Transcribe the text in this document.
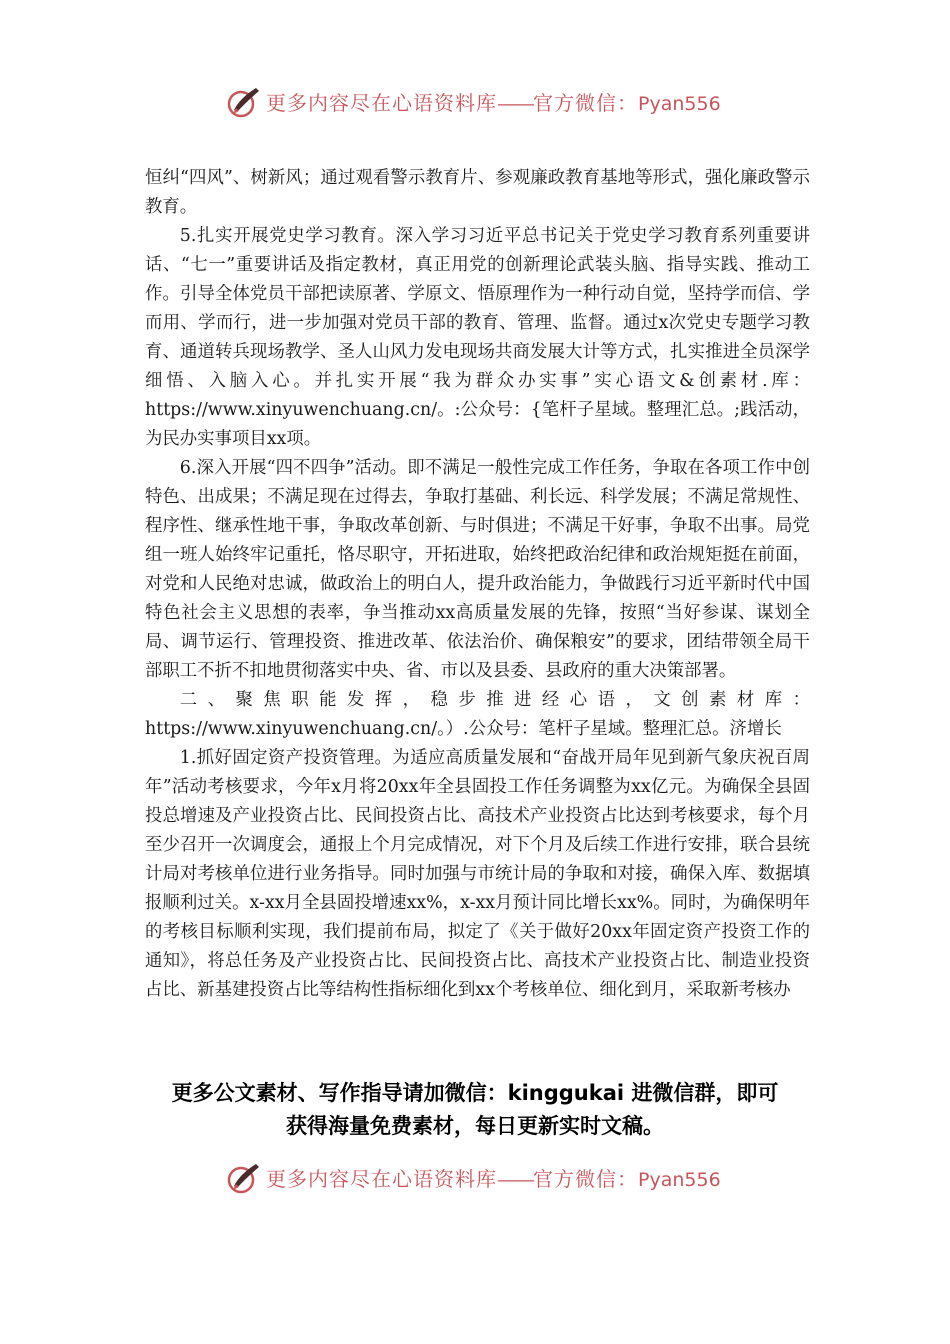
更多内容尽在心语资料库——官方微信：Pyan556

恒纠“四风”、树新风；通过观看警示教育片、参观廉政教育基地等形式，强化廉政警示教育。

5.扎实开展党史学习教育。深入学习习近平总书记关于党史学习教育系列重要讲话、“七一”重要讲话及指定教材，真正用党的创新理论武装头脑、指导实践、推动工作。引导全体党员干部把读原著、学原文、悟原理作为一种行动自觉，坚持学而信、学而用、学而行，进一步加强对党员干部的教育、管理、监督。通过x次党史专题学习教育、通道转兵现场教学、圣人山风力发电现场共商发展大计等方式，扎实推进全员深学细悟、入脑入心。并扎实开展“我为群众办实事”实心语文&创素材.库：https://www.xinyuwenchuang.cn/。:公众号：{笔杆子星域。整理汇总。;践活动，为民办实事项目xx项。

6.深入开展“四不四争”活动。即不满足一般性完成工作任务，争取在各项工作中创特色、出成果；不满足现在过得去，争取打基础、利长远、科学发展；不满足常规性、程序性、继承性地干事，争取改革创新、与时俱进；不满足干好事，争取不出事。局党组一班人始终牢记重托，恪尽职守，开拓进取，始终把政治纪律和政治规矩挺在前面，对党和人民绝对忠诚，做政治上的明白人，提升政治能力，争做践行习近平新时代中国特色社会主义思想的表率，争当推动xx高质量发展的先锋，按照“当好参谋、谋划全局、调节运行、管理投资、推进改革、依法治价、确保粮安”的要求，团结带领全局干部职工不折不扣地贯彻落实中央、省、市以及县委、县政府的重大决策部署。

二、聚焦职能发挥，稳步推进经心语，文创素材库：https://www.xinyuwenchuang.cn/。）.公众号：笔杆子星域。整理汇总。济增长

1.抓好固定资产投资管理。为适应高质量发展和“奋战开局年见到新气象庆祝百周年”活动考核要求，今年x月将20xx年全县固投工作任务调整为xx亿元。为确保全县固投总增速及产业投资占比、民间投资占比、高技术产业投资占比达到考核要求，每个月至少召开一次调度会，通报上个月完成情况，对下个月及后续工作进行安排，联合县统计局对考核单位进行业务指导。同时加强与市统计局的争取和对接，确保入库、数据填报顺利过关。x-xx月全县固投增速xx%，x-xx月预计同比增长xx%。同时，为确保明年的考核目标顺利实现，我们提前布局，拟定了《关于做好20xx年固定资产投资工作的通知》，将总任务及产业投资占比、民间投资占比、高技术产业投资占比、制造业投资占比、新基建投资占比等结构性指标细化到xx个考核单位、细化到月，采取新考核办

更多公文素材、写作指导请加微信：kinggukai 进微信群，即可
获得海量免费素材，每日更新实时文稿。
更多内容尽在心语资料库——官方微信：Pyan556
